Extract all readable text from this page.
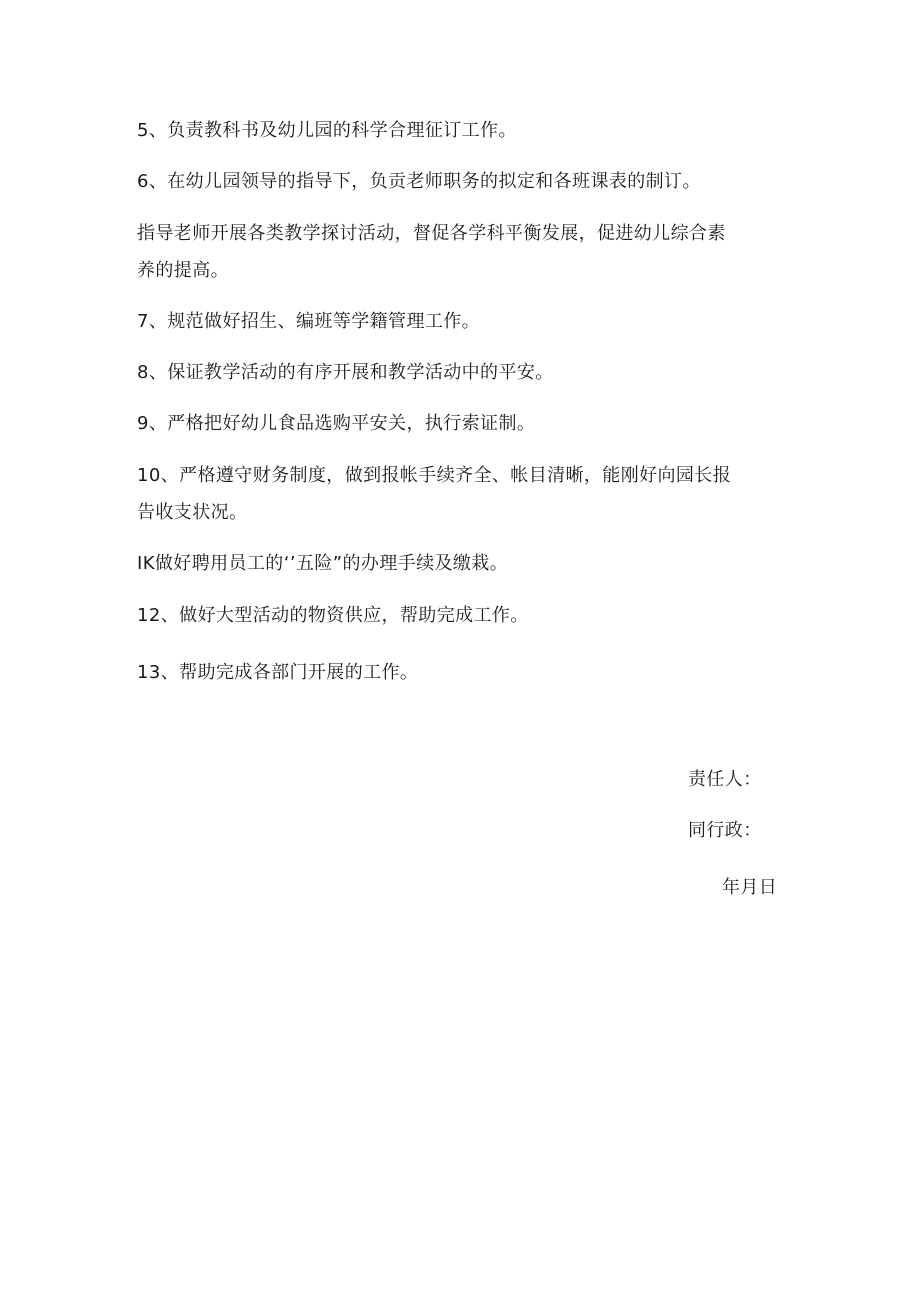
5、负责教科书及幼儿园的科学合理征订工作。
6、在幼儿园领导的指导下，负贡老师职务的拟定和各班课表的制订。
指导老师开展各类教学探讨活动，督促各学科平衡发展，促进幼儿综合素
养的提高。
7、规范做好招生、编班等学籍管理工作。
8、保证教学活动的有序开展和教学活动中的平安。
9、严格把好幼儿食品选购平安关，执行索证制。
10、严格遵守财务制度，做到报帐手续齐全、帐目清晰，能刚好向园长报
告收支状况。
IK做好聘用员工的‘’五险”的办理手续及缴栽。
12、做好大型活动的物资供应，帮助完成工作。
13、帮助完成各部门开展的工作。
责任人：
同行政：
年月日
